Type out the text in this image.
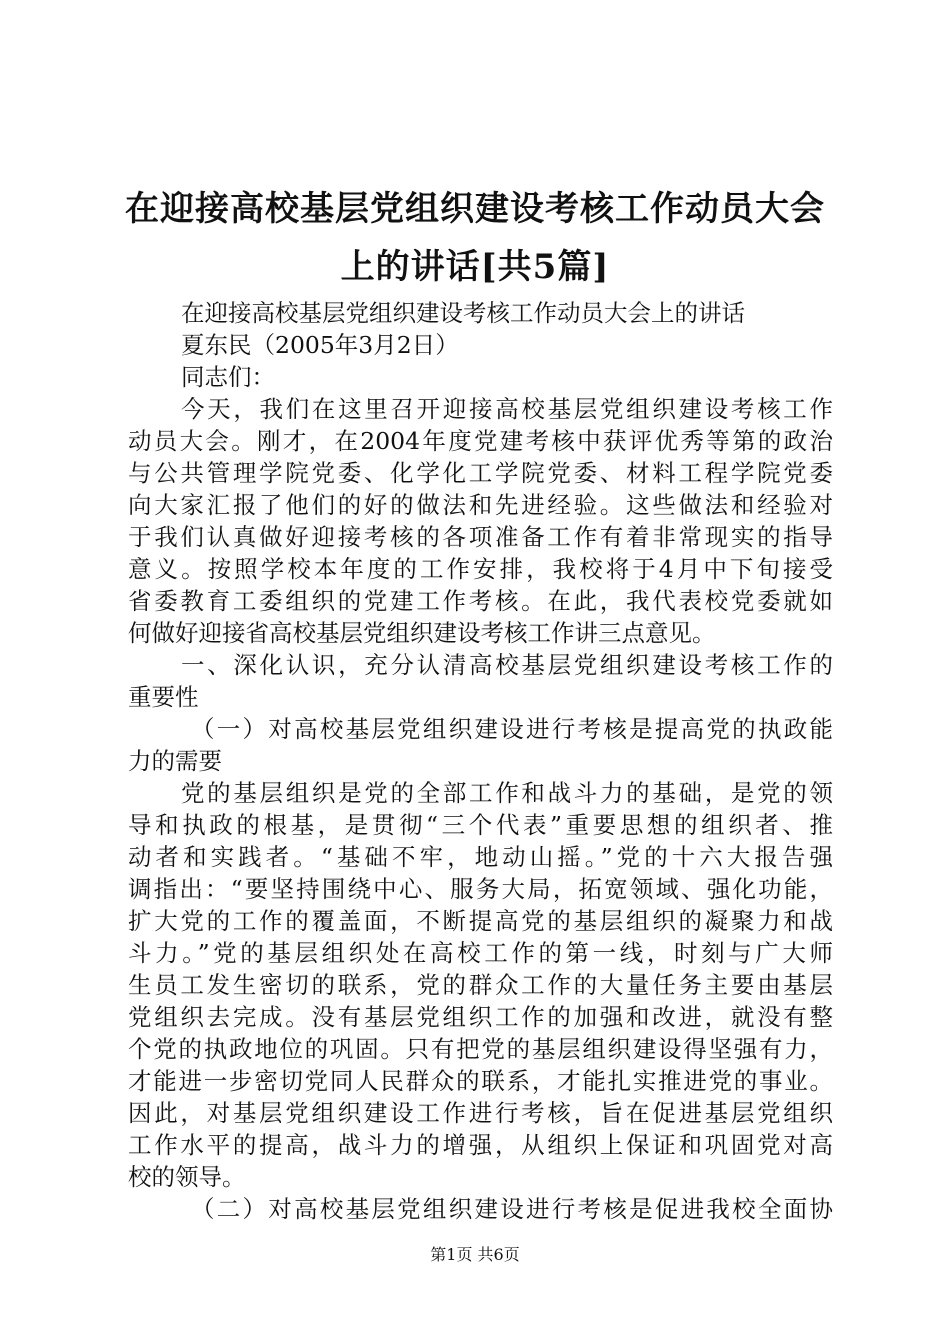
在迎接高校基层党组织建设考核工作动员大会
上的讲话[共5篇]
在迎接高校基层党组织建设考核工作动员大会上的讲话
夏东民（2005年3月2日）
同志们：
今天，我们在这里召开迎接高校基层党组织建设考核工作
动员大会。刚才，在2004年度党建考核中获评优秀等第的政治
与公共管理学院党委、化学化工学院党委、材料工程学院党委
向大家汇报了他们的好的做法和先进经验。这些做法和经验对
于我们认真做好迎接考核的各项准备工作有着非常现实的指导
意义。按照学校本年度的工作安排，我校将于4月中下旬接受
省委教育工委组织的党建工作考核。在此，我代表校党委就如
何做好迎接省高校基层党组织建设考核工作讲三点意见。
一、深化认识，充分认清高校基层党组织建设考核工作的
重要性
（一）对高校基层党组织建设进行考核是提高党的执政能
力的需要
党的基层组织是党的全部工作和战斗力的基础，是党的领
导和执政的根基，是贯彻“三个代表”重要思想的组织者、推
动者和实践者。“基础不牢，地动山摇。”党的十六大报告强
调指出：“要坚持围绕中心、服务大局，拓宽领域、强化功能，
扩大党的工作的覆盖面，不断提高党的基层组织的凝聚力和战
斗力。”党的基层组织处在高校工作的第一线，时刻与广大师
生员工发生密切的联系，党的群众工作的大量任务主要由基层
党组织去完成。没有基层党组织工作的加强和改进，就没有整
个党的执政地位的巩固。只有把党的基层组织建设得坚强有力，
才能进一步密切党同人民群众的联系，才能扎实推进党的事业。
因此，对基层党组织建设工作进行考核，旨在促进基层党组织
工作水平的提高，战斗力的增强，从组织上保证和巩固党对高
校的领导。
（二）对高校基层党组织建设进行考核是促进我校全面协
第1页 共6页
